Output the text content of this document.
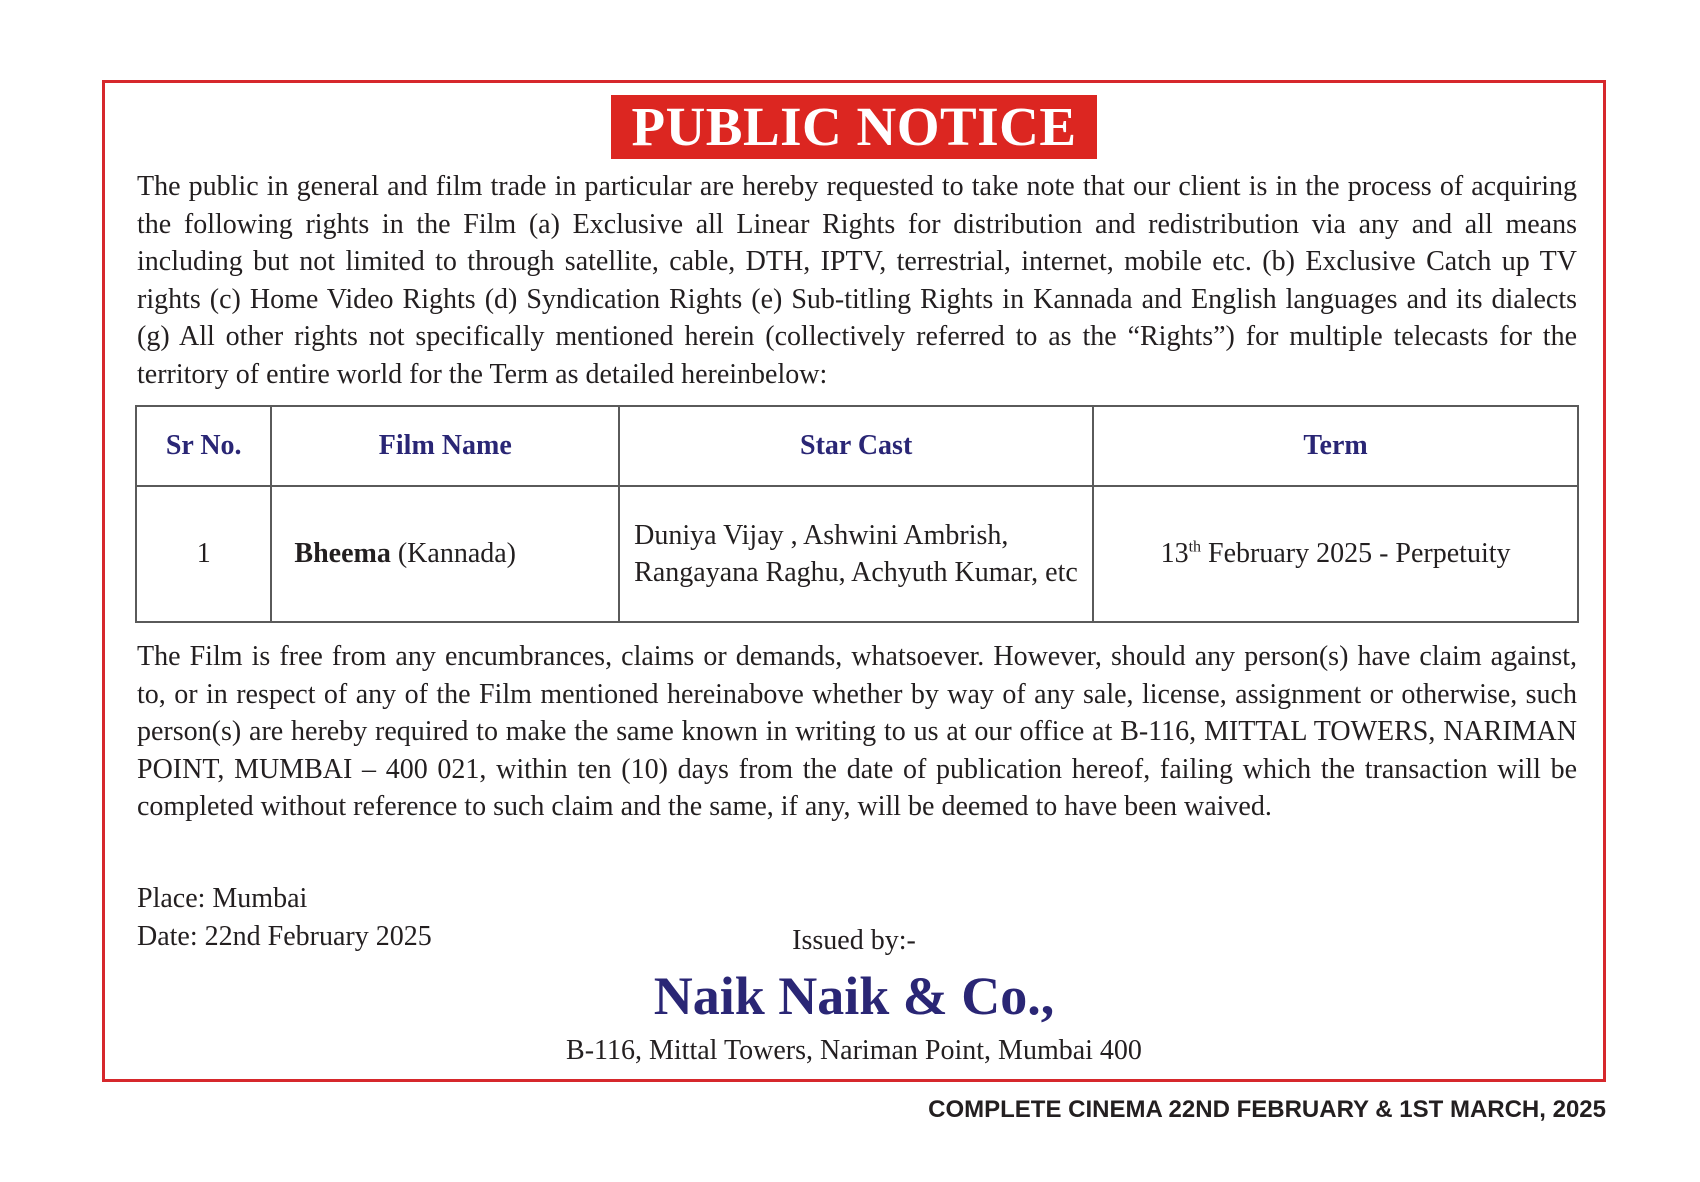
PUBLIC NOTICE
The public in general and film trade in particular are hereby requested to take note that our client is in the process of acquiring the following rights in the Film (a) Exclusive all Linear Rights for distribution and redistribution via any and all means including but not limited to through satellite, cable, DTH, IPTV, terrestrial, internet, mobile etc. (b) Exclusive Catch up TV rights (c) Home Video Rights (d) Syndication Rights (e) Sub-titling Rights in Kannada and English languages and its dialects (g) All other rights not specifically mentioned herein (collectively referred to as the “Rights”) for multiple telecasts for the territory of entire world for the Term as detailed hereinbelow:
Sr No.	Film Name	Star Cast	Term
1	Bheema (Kannada)	Duniya Vijay , Ashwini Ambrish, Rangayana Raghu, Achyuth Kumar, etc	13th February 2025 - Perpetuity
The Film is free from any encumbrances, claims or demands, whatsoever. However, should any person(s) have claim against, to, or in respect of any of the Film mentioned hereinabove whether by way of any sale, license, assignment or otherwise, such person(s) are hereby required to make the same known in writing to us at our office at B-116, MITTAL TOWERS, NARIMAN POINT, MUMBAI – 400 021, within ten (10) days from the date of publication hereof, failing which the transaction will be completed without reference to such claim and the same, if any, will be deemed to have been waived.
Place: Mumbai
Date: 22nd February 2025	Issued by:-
Naik Naik & Co.,
B-116, Mittal Towers, Nariman Point, Mumbai 400
COMPLETE CINEMA 22ND FEBRUARY & 1ST MARCH, 2025
